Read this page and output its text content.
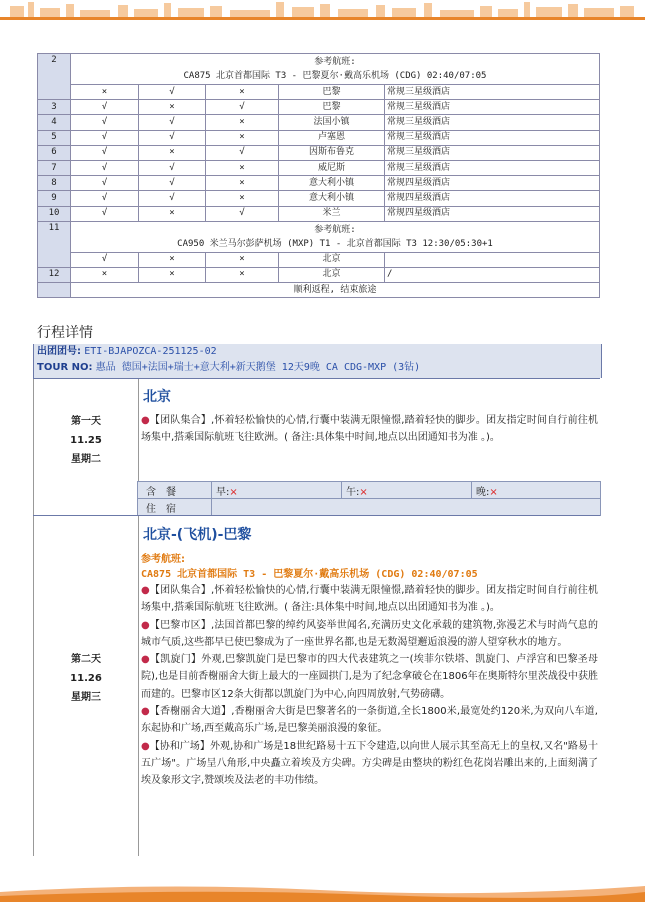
2	参考航班:
CA875 北京首都国际 T3 - 巴黎夏尔·戴高乐机场 (CDG) 02:40/07:05				

	×	√	×	巴黎	常规三星级酒店
3	√	×	√	巴黎	常规三星级酒店
4	√	√	×	法国小镇	常规三星级酒店
5	√	√	×	卢塞恩	常规三星级酒店
6	√	×	√	因斯布鲁克	常规三星级酒店
7	√	√	×	威尼斯	常规三星级酒店
8	√	√	×	意大利小镇	常规四星级酒店
9	√	√	×	意大利小镇	常规四星级酒店
10	√	×	√	米兰	常规四星级酒店
11	参考航班:
CA950 米兰马尔彭萨机场 (MXP) T1 - 北京首都国际 T3 12:30/05:30+1				

	√	×	×	北京	
12	×	×	×	北京	/
	顺利返程, 结束旅途				
行程详情
出团团号: ETI-BJAPOZCA-251125-02
TOUR NO: 惠品 德国+法国+瑞士+意大利+新天鹅堡 12天9晚 CA CDG-MXP (3钻)
第一天
11.25
星期二
北京

●【团队集合】,怀着轻松愉快的心情,行囊中装满无限憧憬,踏着轻快的脚步。团友指定时间自行前往机场集中,搭乘国际航班飞往欧洲。( 备注:具体集中时间,地点以出团通知书为准 。)。

含　餐	早:×	午:×	晚:×
住　宿			
第二天
11.26
星期三
北京-(飞机)-巴黎
参考航班:
CA875 北京首都国际 T3 - 巴黎夏尔·戴高乐机场 (CDG) 02:40/07:05

●【团队集合】,怀着轻松愉快的心情,行囊中装满无限憧憬,踏着轻快的脚步。团友指定时间自行前往机场集中,搭乘国际航班飞往欧洲。( 备注:具体集中时间,地点以出团通知书为准 。)。

●【巴黎市区】,法国首都巴黎的绰约风姿举世闻名,充满历史文化承载的建筑物,弥漫艺术与时尚气息的城市气质,这些都早已使巴黎成为了一座世界名都,也是无数渴望邂逅浪漫的游人望穿秋水的地方。

●【凯旋门】外观,巴黎凯旋门是巴黎市的四大代表建筑之一(埃菲尔铁塔、凯旋门、卢浮宫和巴黎圣母院),也是目前香榭丽舍大街上最大的一座圆拱门,是为了纪念拿破仑在1806年在奥斯特尔里茨战役中获胜而建的。巴黎市区12条大街都以凯旋门为中心,向四周放射,气势磅礴。

●【香榭丽舍大道】,香榭丽舍大街是巴黎著名的一条街道,全长1800米,最宽处约120米,为双向八车道,东起协和广场,西至戴高乐广场,是巴黎美丽浪漫的象征。

●【协和广场】外观,协和广场是18世纪路易十五下令建造,以向世人展示其至高无上的皇权,又名"路易十五广场"。广场呈八角形,中央矗立着埃及方尖碑。方尖碑是由整块的粉红色花岗岩雕出来的,上面刻满了埃及象形文字,赞颂埃及法老的丰功伟绩。
